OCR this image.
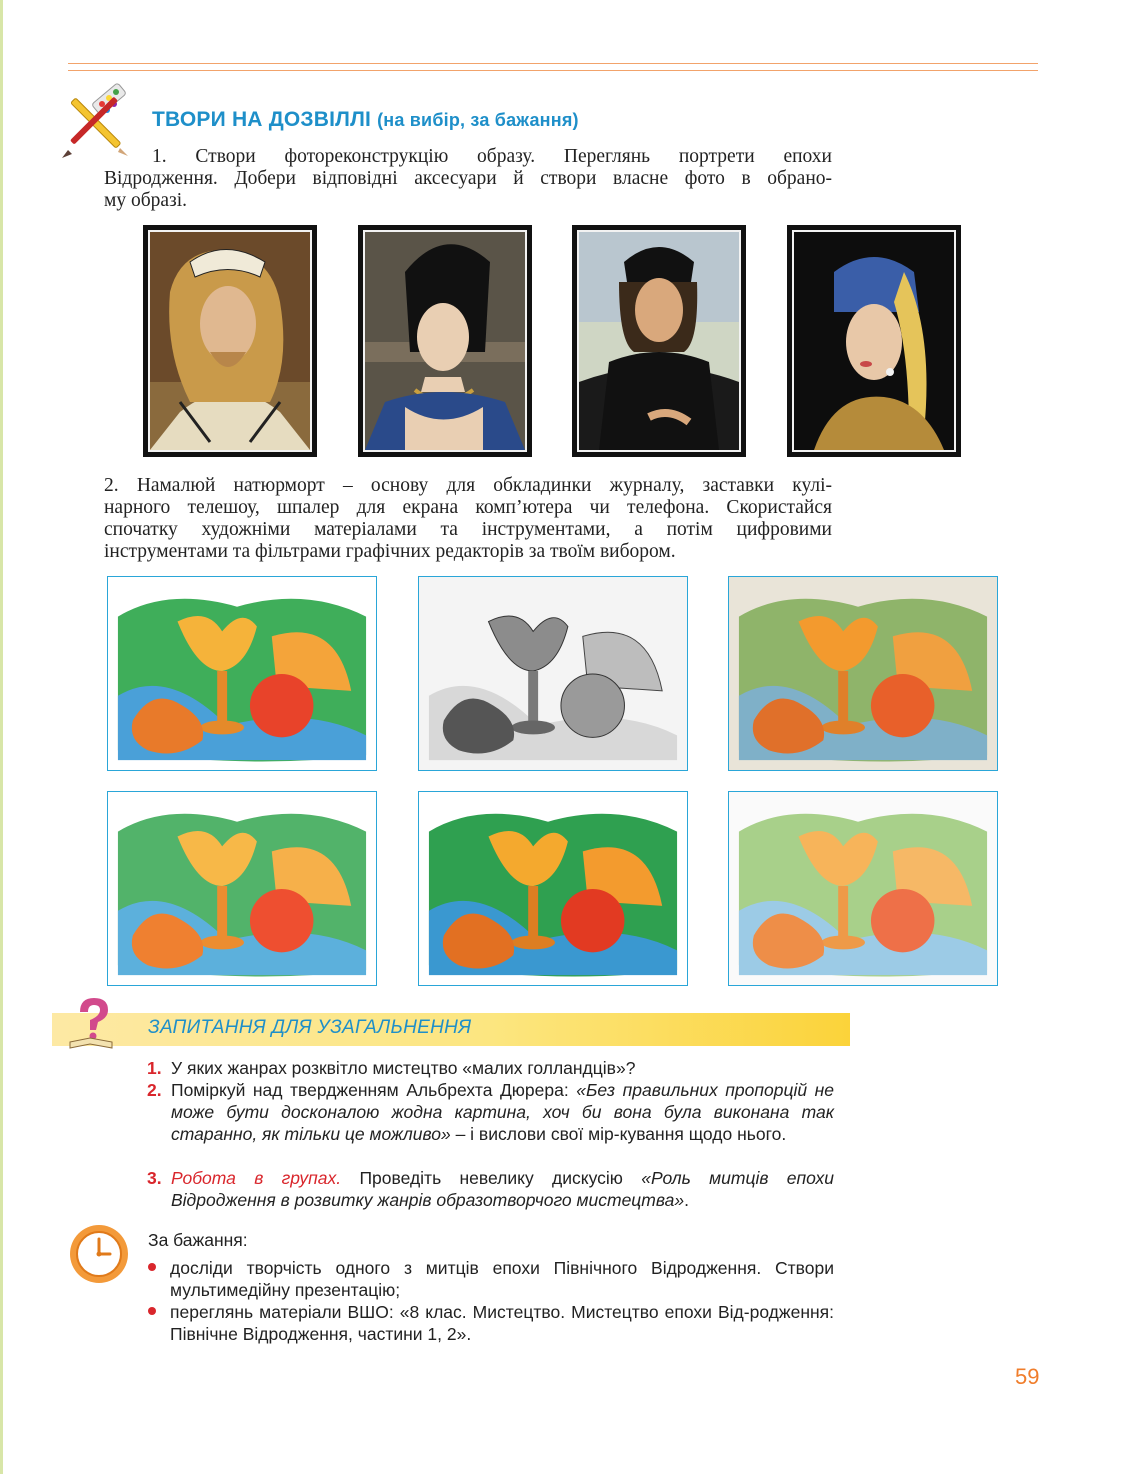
ТВОРИ НА ДОЗВІЛЛІ (на вибір, за бажання)
1. Створи фотореконструкцію образу. Переглянь портрети епохи
Відродження. Добери відповідні аксесуари й створи власне фото в обрано-
му образі.
2. Намалюй натюрморт – основу для обкладинки журналу, заставки кулі-
нарного телешоу, шпалер для екрана комп’ютера чи телефона. Скористайся
спочатку художніми матеріалами та інструментами, а потім цифровими
інструментами та фільтрами графічних редакторів за твоїм вибором.
ЗАПИТАННЯ ДЛЯ УЗАГАЛЬНЕННЯ
1. У яких жанрах розквітло мистецтво «малих голландців»?
2. Поміркуй над твердженням Альбрехта Дюрера: «Без правильних пропорцій не може бути досконалою жодна картина, хоч би вона була виконана так старанно, як тільки це можливо» – і вислови свої мір-кування щодо нього.
3. Робота в групах. Проведіть невелику дискусію «Роль митців епохи Відродження в розвитку жанрів образотворчого мистецтва».
За бажання:
досліди творчість одного з митців епохи Північного Відродження. Створи мультимедійну презентацію;
переглянь матеріали ВШО: «8 клас. Мистецтво. Мистецтво епохи Від-родження: Північне Відродження, частини 1, 2».
59
